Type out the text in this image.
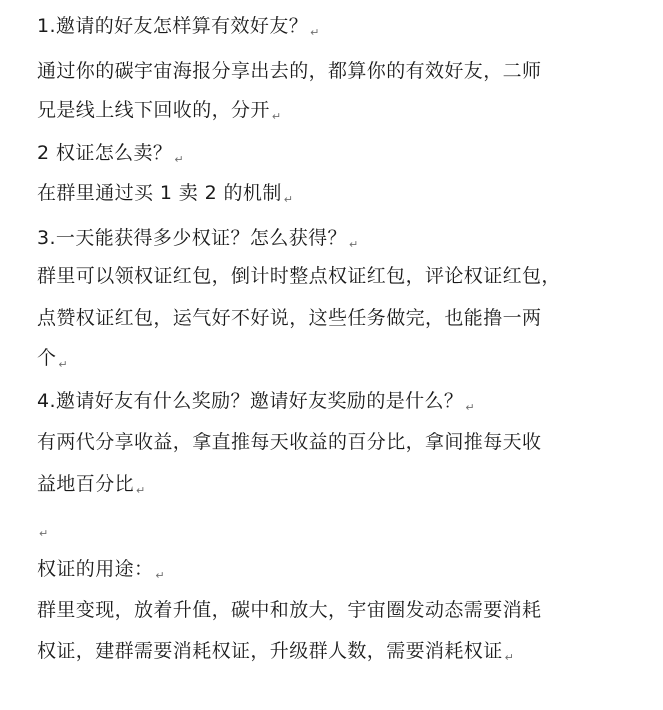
1.邀请的好友怎样算有效好友？ ↵
通过你的碳宇宙海报分享出去的，都算你的有效好友，二师
兄是线上线下回收的，分开 ↵
2 权证怎么卖？ ↵
在群里通过买 1 卖 2 的机制 ↵
3.一天能获得多少权证？怎么获得？ ↵
群里可以领权证红包，倒计时整点权证红包，评论权证红包，
点赞权证红包，运气好不好说，这些任务做完，也能撸一两
个 ↵
4.邀请好友有什么奖励？邀请好友奖励的是什么？ ↵
有两代分享收益，拿直推每天收益的百分比，拿间推每天收
益地百分比 ↵
↵
权证的用途： ↵
群里变现，放着升值，碳中和放大，宇宙圈发动态需要消耗
权证，建群需要消耗权证，升级群人数，需要消耗权证 ↵
